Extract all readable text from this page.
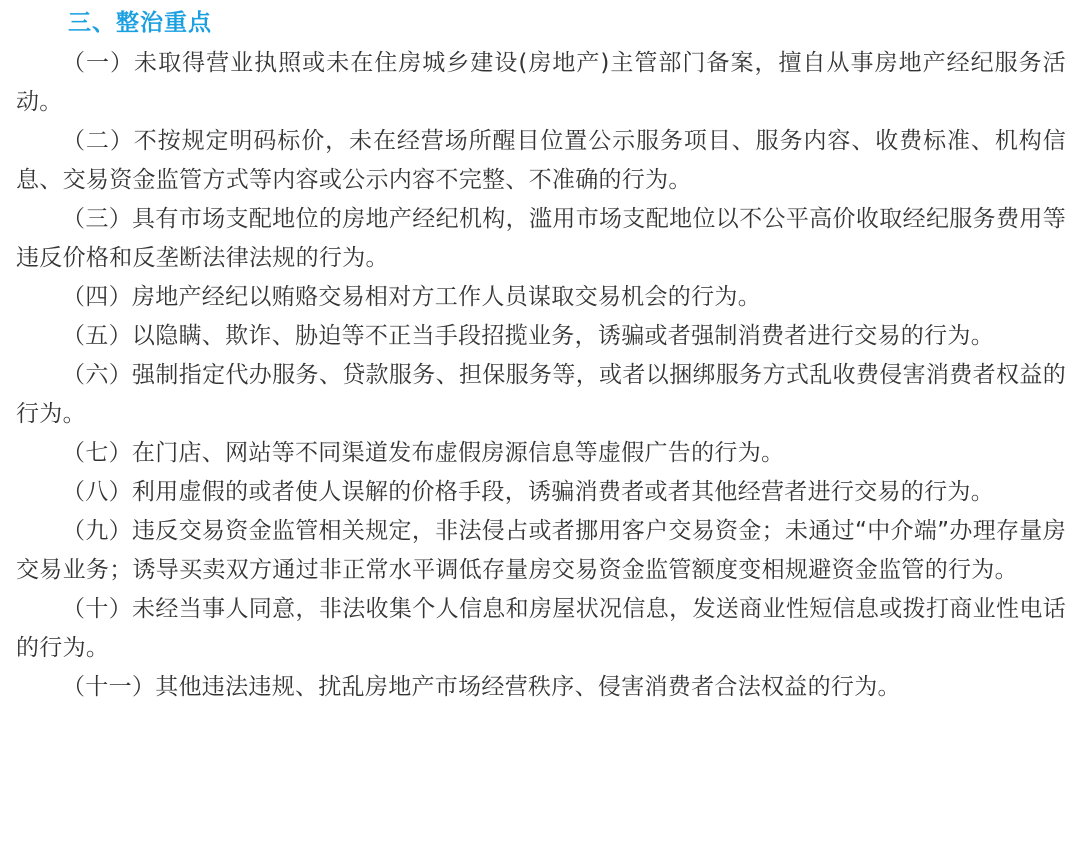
三、整治重点

（一）未取得营业执照或未在住房城乡建设(房地产)主管部门备案，擅自从事房地产经纪服务活动。

（二）不按规定明码标价，未在经营场所醒目位置公示服务项目、服务内容、收费标准、机构信息、交易资金监管方式等内容或公示内容不完整、不准确的行为。

（三）具有市场支配地位的房地产经纪机构，滥用市场支配地位以不公平高价收取经纪服务费用等违反价格和反垄断法律法规的行为。

（四）房地产经纪以贿赂交易相对方工作人员谋取交易机会的行为。

（五）以隐瞒、欺诈、胁迫等不正当手段招揽业务，诱骗或者强制消费者进行交易的行为。

（六）强制指定代办服务、贷款服务、担保服务等，或者以捆绑服务方式乱收费侵害消费者权益的行为。

（七）在门店、网站等不同渠道发布虚假房源信息等虚假广告的行为。

（八）利用虚假的或者使人误解的价格手段，诱骗消费者或者其他经营者进行交易的行为。

（九）违反交易资金监管相关规定，非法侵占或者挪用客户交易资金；未通过“中介端”办理存量房交易业务；诱导买卖双方通过非正常水平调低存量房交易资金监管额度变相规避资金监管的行为。

（十）未经当事人同意，非法收集个人信息和房屋状况信息，发送商业性短信息或拨打商业性电话的行为。

（十一）其他违法违规、扰乱房地产市场经营秩序、侵害消费者合法权益的行为。
